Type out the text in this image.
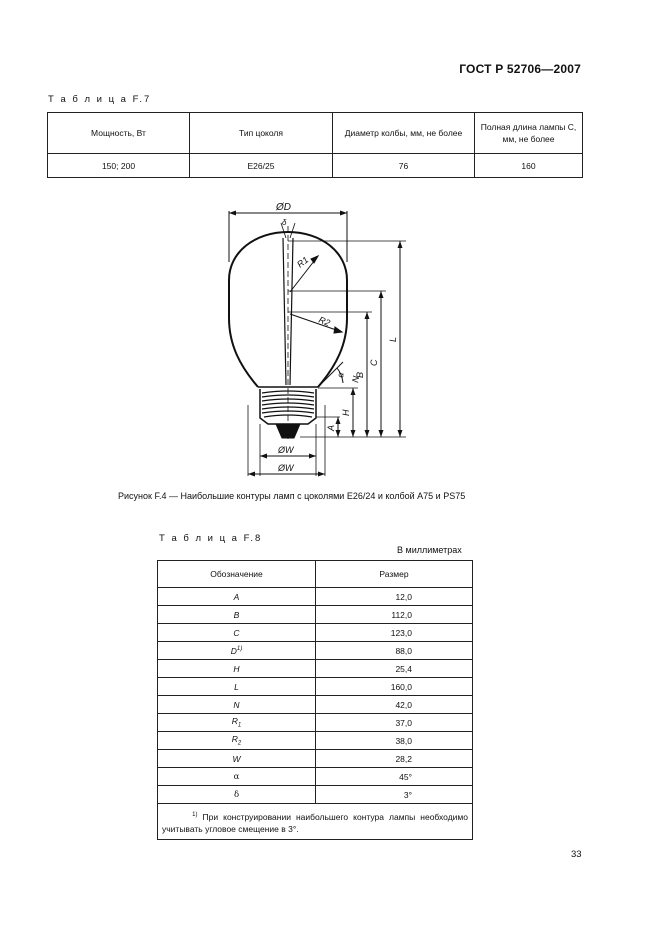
ГОСТ Р 52706—2007
Т а б л и ц а F.7
Мощность, Вт	Тип цоколя	Диаметр колбы, мм, не более	Полная длина лампы C, мм, не более
150; 200	E26/25	76	160
ØD
δ
R1
R2
α
N
A
H
B
C
L
ØW
ØW
Рисунок F.4 — Наибольшие контуры ламп с цоколями E26/24 и колбой A75 и PS75
Т а б л и ц а F.8
В миллиметрах
Обозначение	Размер
A	12,0
B	112,0
C	123,0
$D^{1)}$	88,0
H	25,4
L	160,0
N	42,0
$R_1$	37,0
$R_2$	38,0
W	28,2
α	45°
δ	3°
$^{1)}$ При конструировании наибольшего контура лампы необходимо учитывать угловое смещение в 3°.	
33
